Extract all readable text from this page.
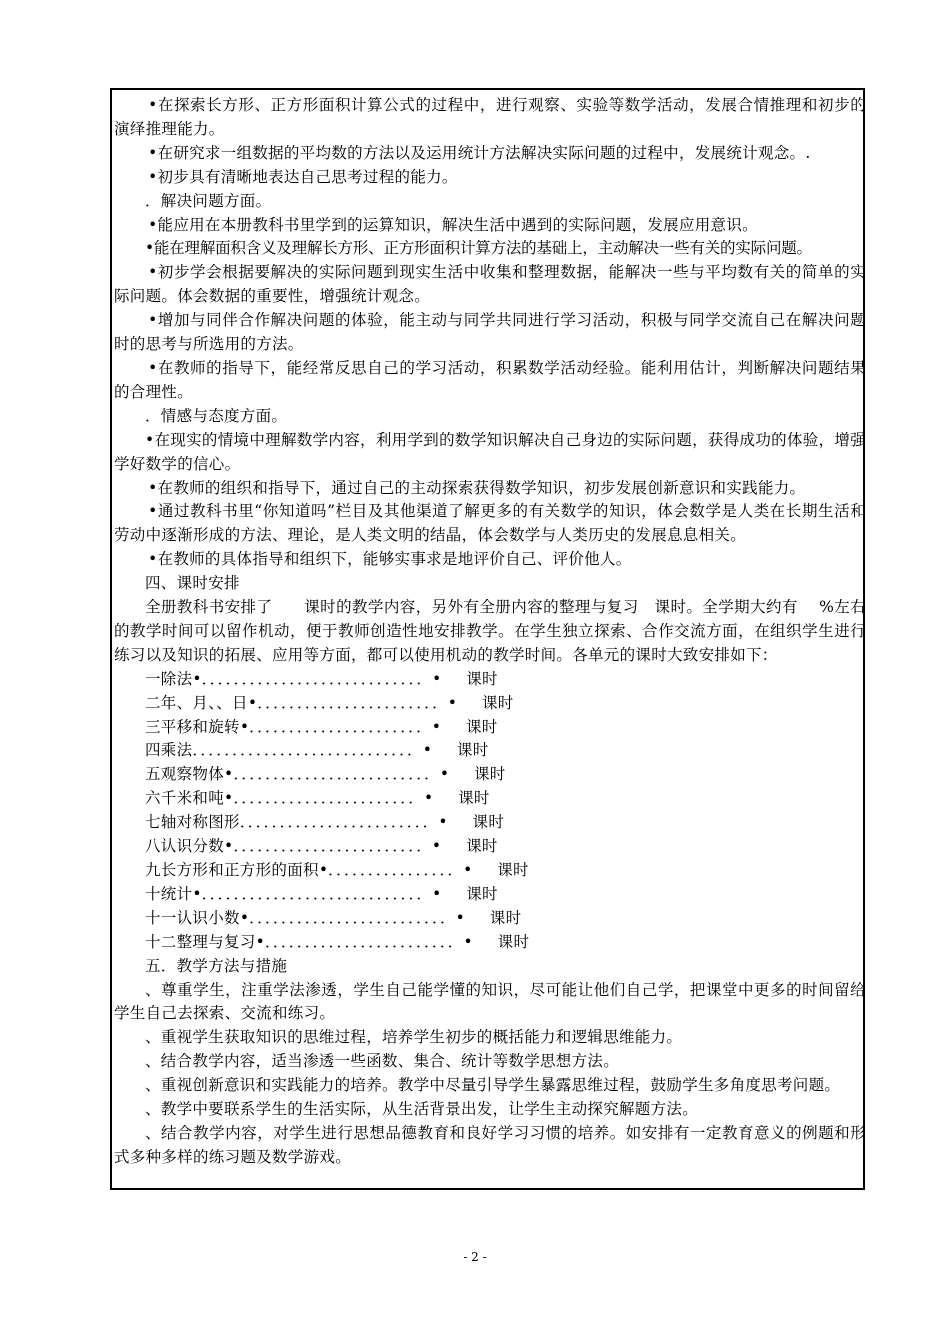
•在探索长方形、正方形面积计算公式的过程中，进行观察、实验等数学活动，发展合情推理和初步的演绎推理能力。

•在研究求一组数据的平均数的方法以及运用统计方法解决实际问题的过程中，发展统计观念。.

•初步具有清晰地表达自己思考过程的能力。

．解决问题方面。

•能应用在本册教科书里学到的运算知识，解决生活中遇到的实际问题，发展应用意识。

•能在理解面积含义及理解长方形、正方形面积计算方法的基础上，主动解决一些有关的实际问题。

•初步学会根据要解决的实际问题到现实生活中收集和整理数据，能解决一些与平均数有关的简单的实际问题。体会数据的重要性，增强统计观念。

•增加与同伴合作解决问题的体验，能主动与同学共同进行学习活动，积极与同学交流自己在解决问题时的思考与所选用的方法。

•在教师的指导下，能经常反思自己的学习活动，积累数学活动经验。能利用估计，判断解决问题结果的合理性。

．情感与态度方面。

•在现实的情境中理解数学内容，利用学到的数学知识解决自己身边的实际问题，获得成功的体验，增强学好数学的信心。

•在教师的组织和指导下，通过自己的主动探索获得数学知识，初步发展创新意识和实践能力。

•通过教科书里“你知道吗”栏目及其他渠道了解更多的有关数学的知识，体会数学是人类在长期生活和劳动中逐渐形成的方法、理论，是人类文明的结晶，体会数学与人类历史的发展息息相关。

•在教师的具体指导和组织下，能够实事求是地评价自己、评价他人。

四、课时安排

全册教科书安排了　　课时的教学内容，另外有全册内容的整理与复习　课时。全学期大约有　 %左右的教学时间可以留作机动，便于教师创造性地安排教学。在学生独立探索、合作交流方面，在组织学生进行练习以及知识的拓展、应用等方面，都可以使用机动的教学时间。各单元的课时大致安排如下：

一除法 •．．．．．．．．．．．．．．．．．．．．．．．．．．．．•	课时
二年、月、、日 •．．．．．．．．．．．．．．．．．．．．．．．•	课时
三平移和旋转 •．．．．．．．．．．．．．．．．．．．．．．•	课时
四乘法 ．．．．．．．．．．．．．．．．．．．．．．．．．．．．•	课时
五观察物体 •．．．．．．．．．．．．．．．．．．．．．．．．．•	课时
六千米和吨 •．．．．．．．．．．．．．．．．．．．．．．．•	课时
七轴对称图形 ．．．．．．．．．．．．．．．．．．．．．．．．•	课时
八认识分数 •．．．．．．．．．．．．．．．．．．．．．．．．•	课时
九长方形和正方形的面积 •．．．．．．．．．．．．．．．．•	课时
十统计 •．．．．．．．．．．．．．．．．．．．．．．．．．．．．•	课时
十一认识小数 •．．．．．．．．．．．．．．．．．．．．．．．．．•	课时
十二整理与复习 •．．．．．．．．．．．．．．．．．．．．．．．．•	课时

五．教学方法与措施

、尊重学生，注重学法渗透，学生自己能学懂的知识，尽可能让他们自己学，把课堂中更多的时间留给学生自己去探索、交流和练习。

、重视学生获取知识的思维过程，培养学生初步的概括能力和逻辑思维能力。

、结合教学内容，适当渗透一些函数、集合、统计等数学思想方法。

、重视创新意识和实践能力的培养。教学中尽量引导学生暴露思维过程，鼓励学生多角度思考问题。

、教学中要联系学生的生活实际，从生活背景出发，让学生主动探究解题方法。

、结合教学内容，对学生进行思想品德教育和良好学习习惯的培养。如安排有一定教育意义的例题和形式多种多样的练习题及数学游戏。

- 2 -
